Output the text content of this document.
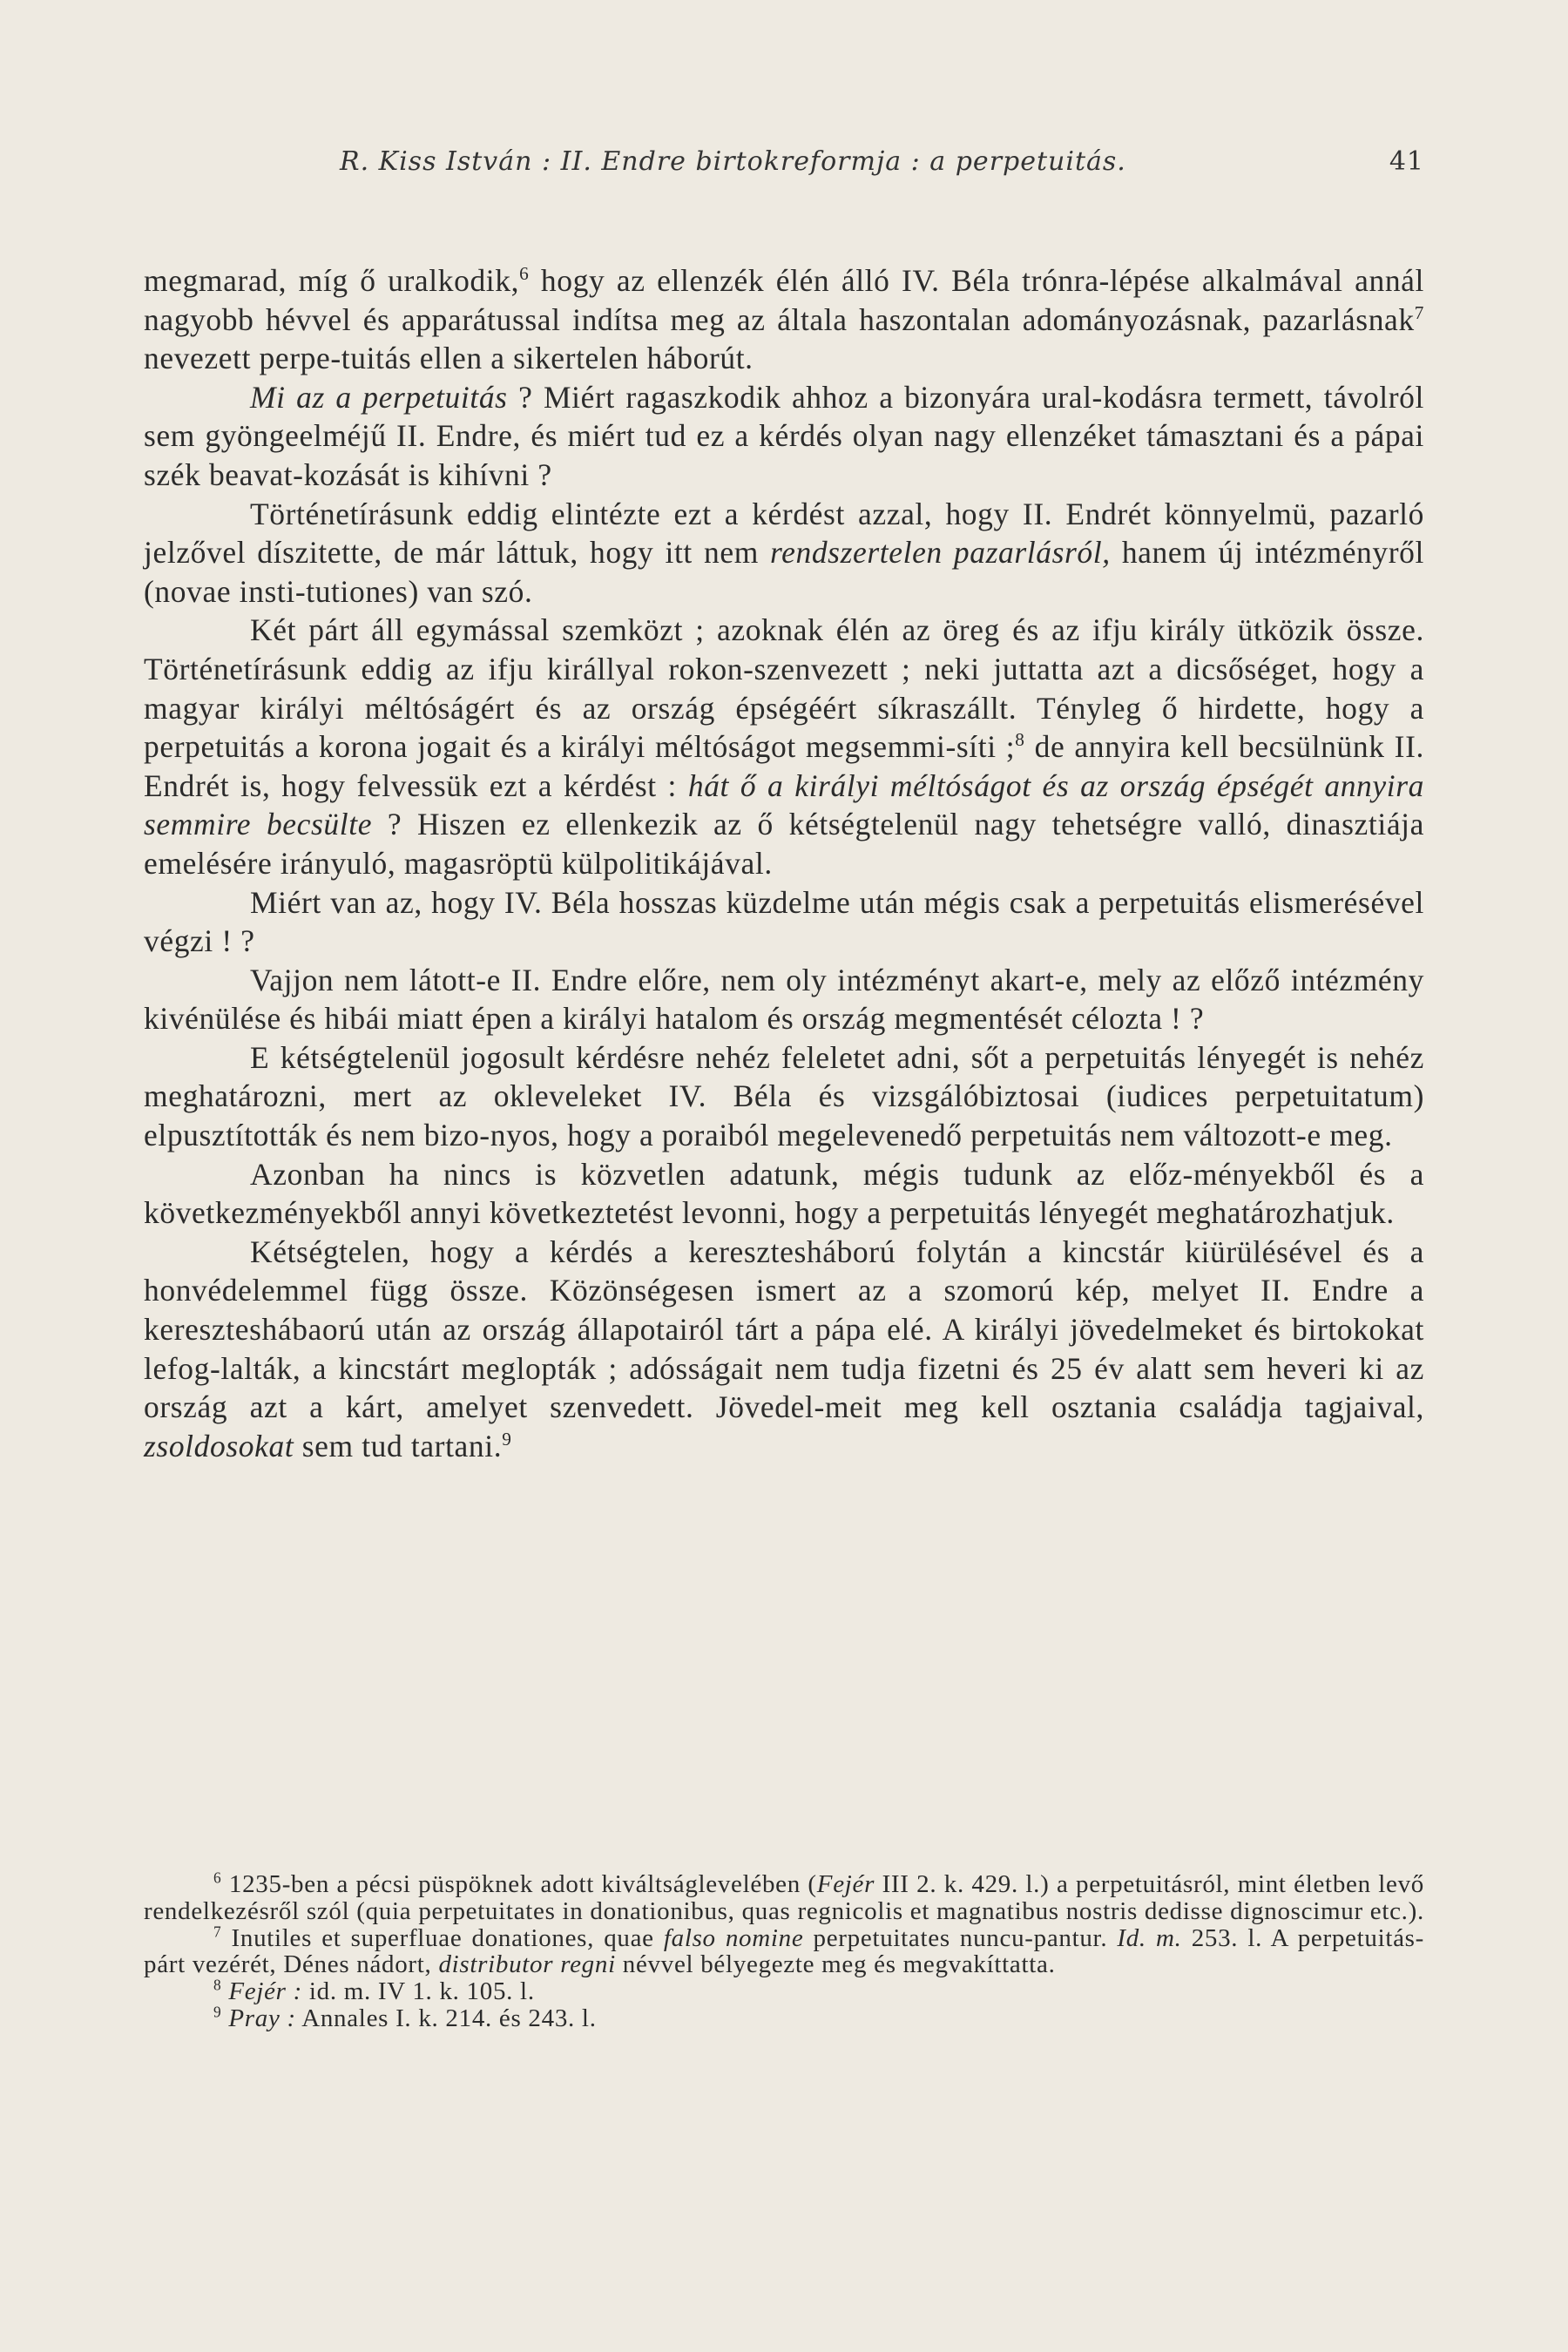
R. Kiss István : II. Endre birtokreformja : a perpetuitás.	41

megmarad, míg ő uralkodik,$^6$ hogy az ellenzék élén álló IV. Béla trónra-lépése alkalmával annál nagyobb hévvel és apparátussal indítsa meg az általa haszontalan adományozásnak, pazarlásnak$^7$ nevezett perpe-tuitás ellen a sikertelen háborút.

Mi az a perpetuitás ? Miért ragaszkodik ahhoz a bizonyára ural-kodásra termett, távolról sem gyöngeelméjű II. Endre, és miért tud ez a kérdés olyan nagy ellenzéket támasztani és a pápai szék beavat-kozását is kihívni ?

Történetírásunk eddig elintézte ezt a kérdést azzal, hogy II. Endrét könnyelmü, pazarló jelzővel díszitette, de már láttuk, hogy itt nem rendszertelen pazarlásról, hanem új intézményről (novae insti-tutiones) van szó.

Két párt áll egymással szemközt ; azoknak élén az öreg és az ifju király ütközik össze. Történetírásunk eddig az ifju királlyal rokon-szenvezett ; neki juttatta azt a dicsőséget, hogy a magyar királyi méltóságért és az ország épségéért síkraszállt. Tényleg ő hirdette, hogy a perpetuitás a korona jogait és a királyi méltóságot megsemmi-síti ;$^8$ de annyira kell becsülnünk II. Endrét is, hogy felvessük ezt a kérdést : hát ő a királyi méltóságot és az ország épségét annyira semmire becsülte ? Hiszen ez ellenkezik az ő kétségtelenül nagy tehetségre valló, dinasztiája emelésére irányuló, magasröptü külpolitikájával.

Miért van az, hogy IV. Béla hosszas küzdelme után mégis csak a perpetuitás elismerésével végzi ! ?

Vajjon nem látott-e II. Endre előre, nem oly intézményt akart-e, mely az előző intézmény kivénülése és hibái miatt épen a királyi hatalom és ország megmentését célozta ! ?

E kétségtelenül jogosult kérdésre nehéz feleletet adni, sőt a perpetuitás lényegét is nehéz meghatározni, mert az okleveleket IV. Béla és vizsgálóbiztosai (iudices perpetuitatum) elpusztították és nem bizo-nyos, hogy a poraiból megelevenedő perpetuitás nem változott-e meg.

Azonban ha nincs is közvetlen adatunk, mégis tudunk az előz-ményekből és a következményekből annyi következtetést levonni, hogy a perpetuitás lényegét meghatározhatjuk.

Kétségtelen, hogy a kérdés a keresztesháború folytán a kincstár kiürülésével és a honvédelemmel függ össze. Közönségesen ismert az a szomorú kép, melyet II. Endre a kereszteshábaorú után az ország állapotairól tárt a pápa elé. A királyi jövedelmeket és birtokokat lefog-lalták, a kincstárt meglopták ; adósságait nem tudja fizetni és 25 év alatt sem heveri ki az ország azt a kárt, amelyet szenvedett. Jövedel-meit meg kell osztania családja tagjaival, zsoldosokat sem tud tartani.$^9$

$^6$ 1235-ben a pécsi püspöknek adott kiváltságlevelében (Fejér III 2. k. 429. l.) a perpetuitásról, mint életben levő rendelkezésről szól (quia perpetuitates in donationibus, quas regnicolis et magnatibus nostris dedisse dignoscimur etc.).

$^7$ Inutiles et superfluae donationes, quae falso nomine perpetuitates nuncu-pantur. Id. m. 253. l. A perpetuitás-párt vezérét, Dénes nádort, distributor regni névvel bélyegezte meg és megvakíttatta.

$^8$ Fejér : id. m. IV 1. k. 105. l.

$^9$ Pray : Annales I. k. 214. és 243. l.
